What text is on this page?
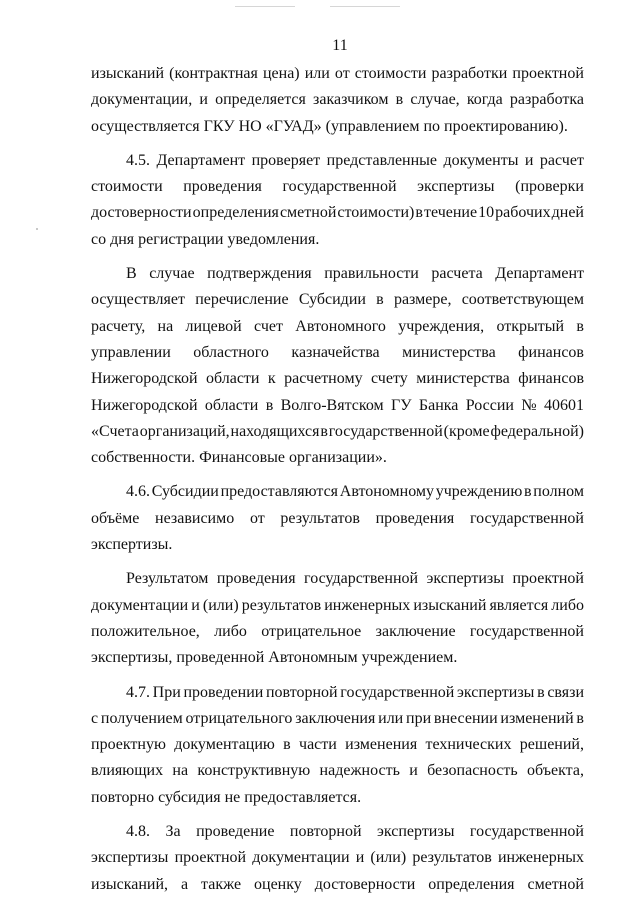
11
изысканий (контрактная цена) или от стоимости разработки проектной
документации, и определяется заказчиком в случае, когда разработка
осуществляется ГКУ НО «ГУАД» (управлением по проектированию).
4.5. Департамент проверяет представленные документы и расчет
стоимости проведения государственной экспертизы (проверки
достоверности определения сметной стоимости) в течение 10 рабочих дней
со дня регистрации уведомления.
В случае подтверждения правильности расчета Департамент
осуществляет перечисление Субсидии в размере, соответствующем
расчету, на лицевой счет Автономного учреждения, открытый в
управлении областного казначейства министерства финансов
Нижегородской области к расчетному счету министерства финансов
Нижегородской области в Волго-Вятском ГУ Банка России № 40601
«Счета организаций, находящихся в государственной (кроме федеральной)
собственности. Финансовые организации».
4.6. Субсидии предоставляются Автономному учреждению в полном
объёме независимо от результатов проведения государственной
экспертизы.
Результатом проведения государственной экспертизы проектной
документации и (или) результатов инженерных изысканий является либо
положительное, либо отрицательное заключение государственной
экспертизы, проведенной Автономным учреждением.
4.7. При проведении повторной государственной экспертизы в связи
с получением отрицательного заключения или при внесении изменений в
проектную документацию в части изменения технических решений,
влияющих на конструктивную надежность и безопасность объекта,
повторно субсидия не предоставляется.
4.8. За проведение повторной экспертизы государственной
экспертизы проектной документации и (или) результатов инженерных
изысканий, а также оценку достоверности определения сметной
